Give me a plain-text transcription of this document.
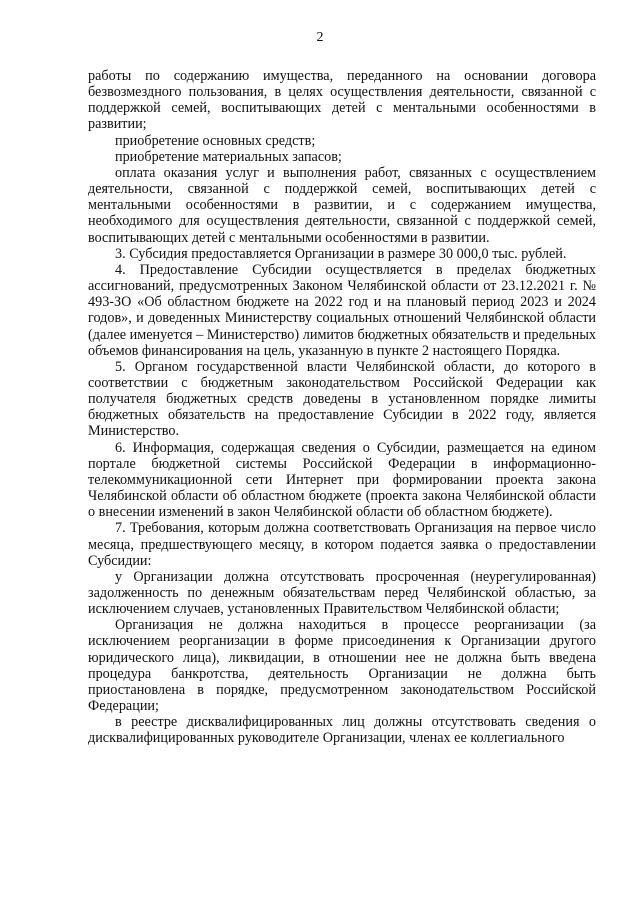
2

работы по содержанию имущества, переданного на основании договора безвозмездного пользования, в целях осуществления деятельности, связанной с поддержкой семей, воспитывающих детей с ментальными особенностями в развитии;

приобретение основных средств;

приобретение материальных запасов;

оплата оказания услуг и выполнения работ, связанных с осуществлением деятельности, связанной с поддержкой семей, воспитывающих детей с ментальными особенностями в развитии, и с содержанием имущества, необходимого для осуществления деятельности, связанной с поддержкой семей, воспитывающих детей с ментальными особенностями в развитии.

3. Субсидия предоставляется Организации в размере 30 000,0 тыс. рублей.

4. Предоставление Субсидии осуществляется в пределах бюджетных ассигнований, предусмотренных Законом Челябинской области от 23.12.2021 г. № 493-ЗО «Об областном бюджете на 2022 год и на плановый период 2023 и 2024 годов», и доведенных Министерству социальных отношений Челябинской области (далее именуется – Министерство) лимитов бюджетных обязательств и предельных объемов финансирования на цель, указанную в пункте 2 настоящего Порядка.

5. Органом государственной власти Челябинской области, до которого в соответствии с бюджетным законодательством Российской Федерации как получателя бюджетных средств доведены в установленном порядке лимиты бюджетных обязательств на предоставление Субсидии в 2022 году, является Министерство.

6. Информация, содержащая сведения о Субсидии, размещается на едином портале бюджетной системы Российской Федерации в информационно-телекоммуникационной сети Интернет при формировании проекта закона Челябинской области об областном бюджете (проекта закона Челябинской области о внесении изменений в закон Челябинской области об областном бюджете).

7. Требования, которым должна соответствовать Организация на первое число месяца, предшествующего месяцу, в котором подается заявка о предоставлении Субсидии:

у Организации должна отсутствовать просроченная (неурегулированная) задолженность по денежным обязательствам перед Челябинской областью, за исключением случаев, установленных Правительством Челябинской области;

Организация не должна находиться в процессе реорганизации (за исключением реорганизации в форме присоединения к Организации другого юридического лица), ликвидации, в отношении нее не должна быть введена процедура банкротства, деятельность Организации не должна быть приостановлена в порядке, предусмотренном законодательством Российской Федерации;

в реестре дисквалифицированных лиц должны отсутствовать сведения о дисквалифицированных руководителе Организации, членах ее коллегиального
